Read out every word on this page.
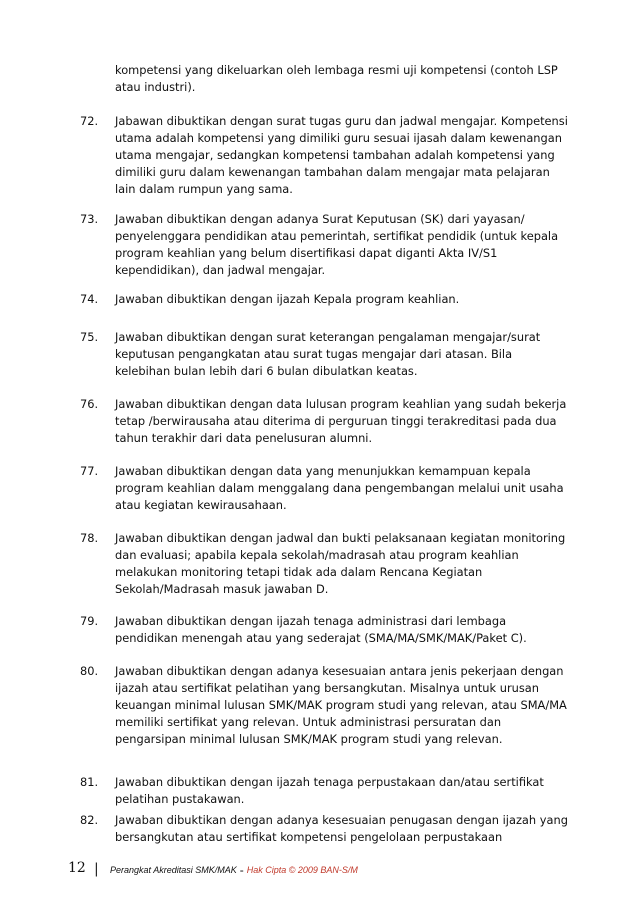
kompetensi yang dikeluarkan oleh lembaga resmi uji kompetensi (contoh LSP atau industri).
72.	Jabawan dibuktikan dengan surat tugas guru dan jadwal mengajar. Kompetensi utama adalah kompetensi yang dimiliki guru sesuai ijasah dalam kewenangan utama mengajar, sedangkan kompetensi tambahan adalah kompetensi yang dimiliki guru dalam kewenangan tambahan dalam mengajar mata pelajaran lain dalam rumpun yang sama.
73.	Jawaban dibuktikan dengan adanya Surat Keputusan (SK) dari yayasan/ penyelenggara pendidikan atau pemerintah, sertifikat pendidik (untuk kepala program keahlian yang belum disertifikasi dapat diganti Akta IV/S1 kependidikan), dan jadwal mengajar.
74.	Jawaban dibuktikan dengan ijazah Kepala program keahlian.
75.	Jawaban dibuktikan dengan surat keterangan pengalaman mengajar/surat keputusan pengangkatan atau surat tugas mengajar dari atasan. Bila kelebihan bulan lebih dari 6 bulan dibulatkan keatas.
76.	Jawaban dibuktikan dengan data lulusan program keahlian yang sudah bekerja tetap /berwirausaha atau diterima di perguruan tinggi terakreditasi pada dua tahun terakhir dari data penelusuran alumni.
77.	Jawaban dibuktikan dengan data yang menunjukkan kemampuan kepala program keahlian dalam menggalang dana pengembangan melalui unit usaha atau kegiatan kewirausahaan.
78.	Jawaban dibuktikan dengan jadwal dan bukti pelaksanaan kegiatan monitoring dan evaluasi; apabila kepala sekolah/madrasah atau program keahlian melakukan monitoring tetapi tidak ada dalam Rencana Kegiatan Sekolah/Madrasah masuk jawaban D.
79.	Jawaban dibuktikan dengan ijazah tenaga administrasi dari lembaga pendidikan menengah atau yang sederajat (SMA/MA/SMK/MAK/Paket C).
80.	Jawaban dibuktikan dengan adanya kesesuaian antara jenis pekerjaan dengan ijazah atau sertifikat pelatihan yang bersangkutan. Misalnya untuk urusan keuangan minimal lulusan SMK/MAK program studi yang relevan, atau SMA/MA memiliki sertifikat yang relevan. Untuk administrasi persuratan dan pengarsipan minimal lulusan SMK/MAK program studi yang relevan.
81.	Jawaban dibuktikan dengan ijazah tenaga perpustakaan dan/atau sertifikat pelatihan pustakawan.
82.	Jawaban dibuktikan dengan adanya kesesuaian penugasan dengan ijazah yang bersangkutan atau sertifikat kompetensi pengelolaan perpustakaan
12 | Perangkat Akreditasi SMK/MAK - Hak Cipta © 2009 BAN-S/M
